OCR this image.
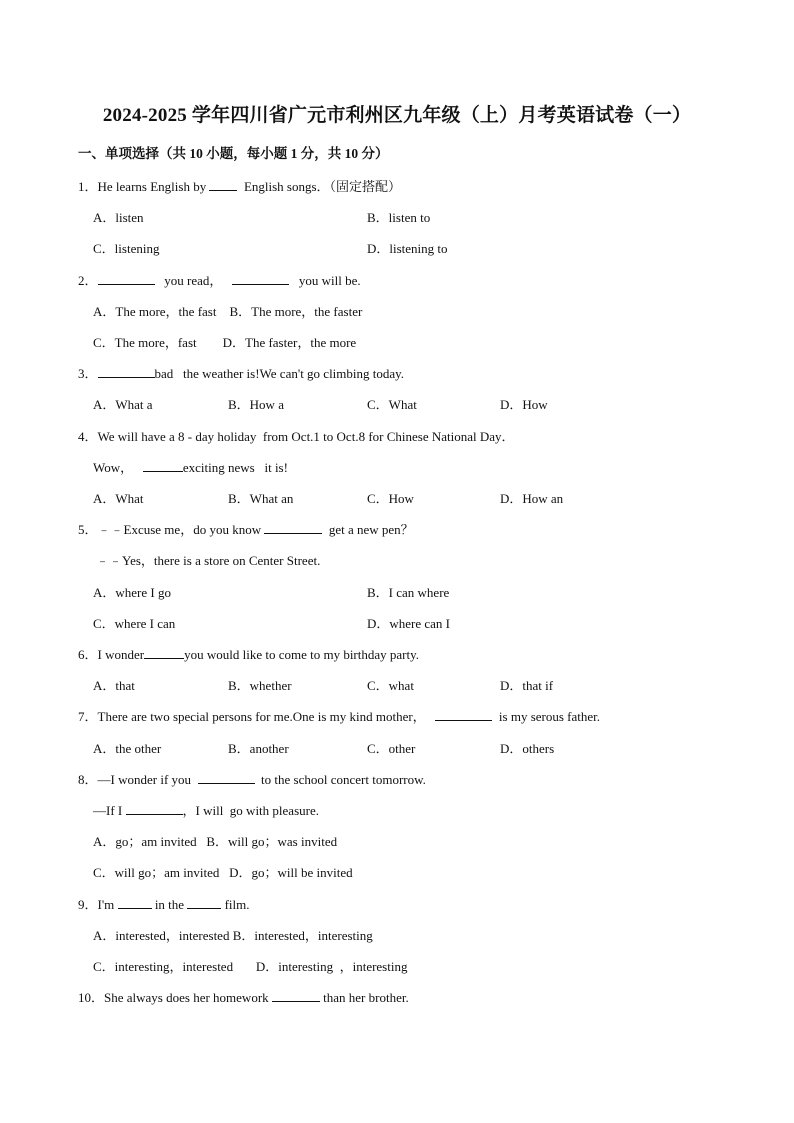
2024-2025 学年四川省广元市利州区九年级（上）月考英语试卷（一）
一、单项选择（共 10 小题，每小题 1 分，共 10 分）
1．He learns English by	English songs．（固定搭配）
A．listen	B．listen to
C．listening	D．listening to
2．	you read，	you will be.
A．The more，the fast    B．The more，the faster
C．The more，fast        D．The faster，the more
3．	bad   the weather is!We can't go climbing today.
A．What a	B．How a	C．What	D．How
4．We will have a 8 - day holiday  from Oct.1 to Oct.8 for Chinese National Day．
Wow，	exciting news   it is!
A．What	B．What an	C．How	D．How an
5．﹣﹣Excuse me，do you know	get a new pen？
﹣﹣Yes，there is a store on Center Street.
A．where I go	B．I can where
C．where I can	D．where can I
6．I wonder	you would like to come to my birthday party.
A．that	B．whether	C．what	D．that if
7．There are two special persons for me.One is my kind mother，	is my serous father.
A．the other	B．another	C．other	D．others
8．—I wonder if you	to the school concert tomorrow.
—If I	，I will  go with pleasure.
A．go；am invited   B．will go；was invited
C．will go；am invited   D．go；will be invited
9．I'm	in the	film.
A．interested，interested B．interested，interesting
C．interesting，interested       D．interesting  ，interesting
10．She always does her homework	than her brother.
